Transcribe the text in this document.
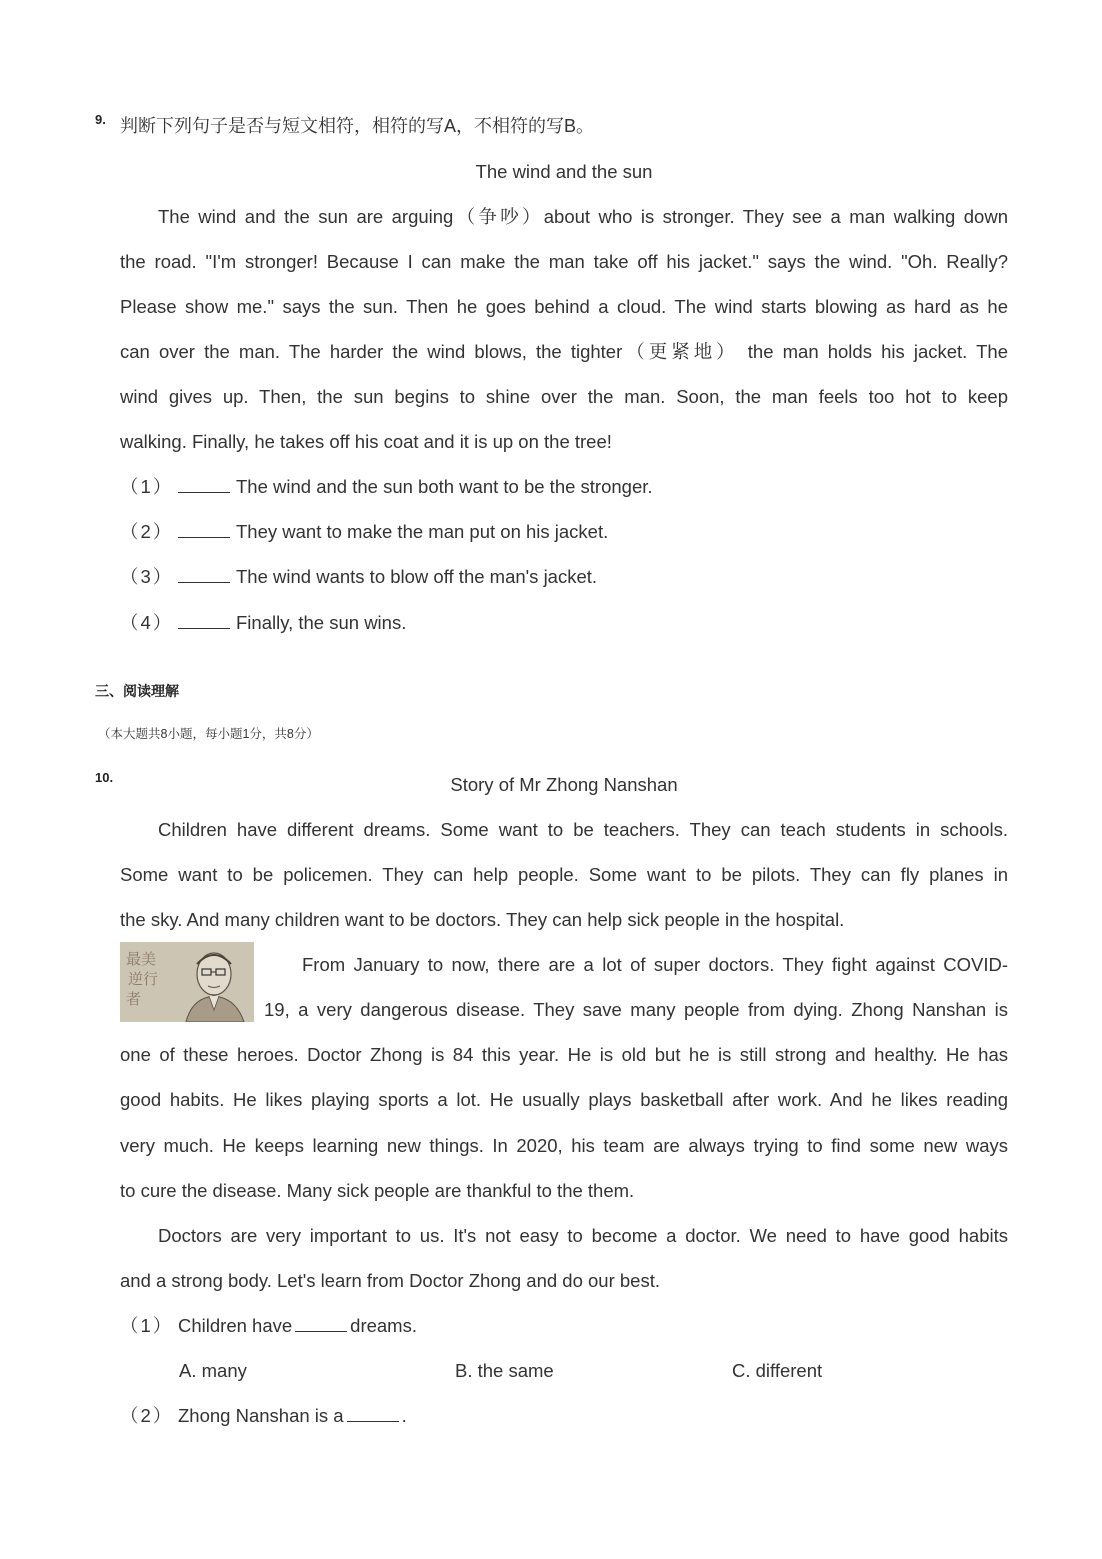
9. 判断下列句子是否与短文相符，相符的写A，不相符的写B。
The wind and the sun
The wind and the sun are arguing（争吵）about who is stronger. They see a man walking down
the road. "I'm stronger! Because I can make the man take off his jacket." says the wind. "Oh. Really?
Please show me." says the sun. Then he goes behind a cloud. The wind starts blowing as hard as he
can over the man. The harder the wind blows, the tighter（更紧地） the man holds his jacket. The
wind gives up. Then, the sun begins to shine over the man. Soon, the man feels too hot to keep
walking. Finally, he takes off his coat and it is up on the tree!
（1）	The wind and the sun both want to be the stronger.
（2）	They want to make the man put on his jacket.
（3）	The wind wants to blow off the man's jacket.
（4）	Finally, the sun wins.
三、阅读理解
（本大题共8小题，每小题1分，共8分）
10.	Story of Mr Zhong Nanshan
Children have different dreams. Some want to be teachers. They can teach students in schools.
Some want to be policemen. They can help people. Some want to be pilots. They can fly planes in
the sky. And many children want to be doctors. They can help sick people in the hospital.
最美
逆行
者
From January to now, there are a lot of super doctors. They fight against COVID-
19, a very dangerous disease. They save many people from dying. Zhong Nanshan is
one of these heroes. Doctor Zhong is 84 this year. He is old but he is still strong and healthy. He has
good habits. He likes playing sports a lot. He usually plays basketball after work. And he likes reading
very much. He keeps learning new things. In 2020, his team are always trying to find some new ways
to cure the disease. Many sick people are thankful to the them.
Doctors are very important to us. It's not easy to become a doctor. We need to have good habits
and a strong body. Let's learn from Doctor Zhong and do our best.
（1） Children have	dreams.
A. many	B. the same	C. different
（2） Zhong Nanshan is a	.
